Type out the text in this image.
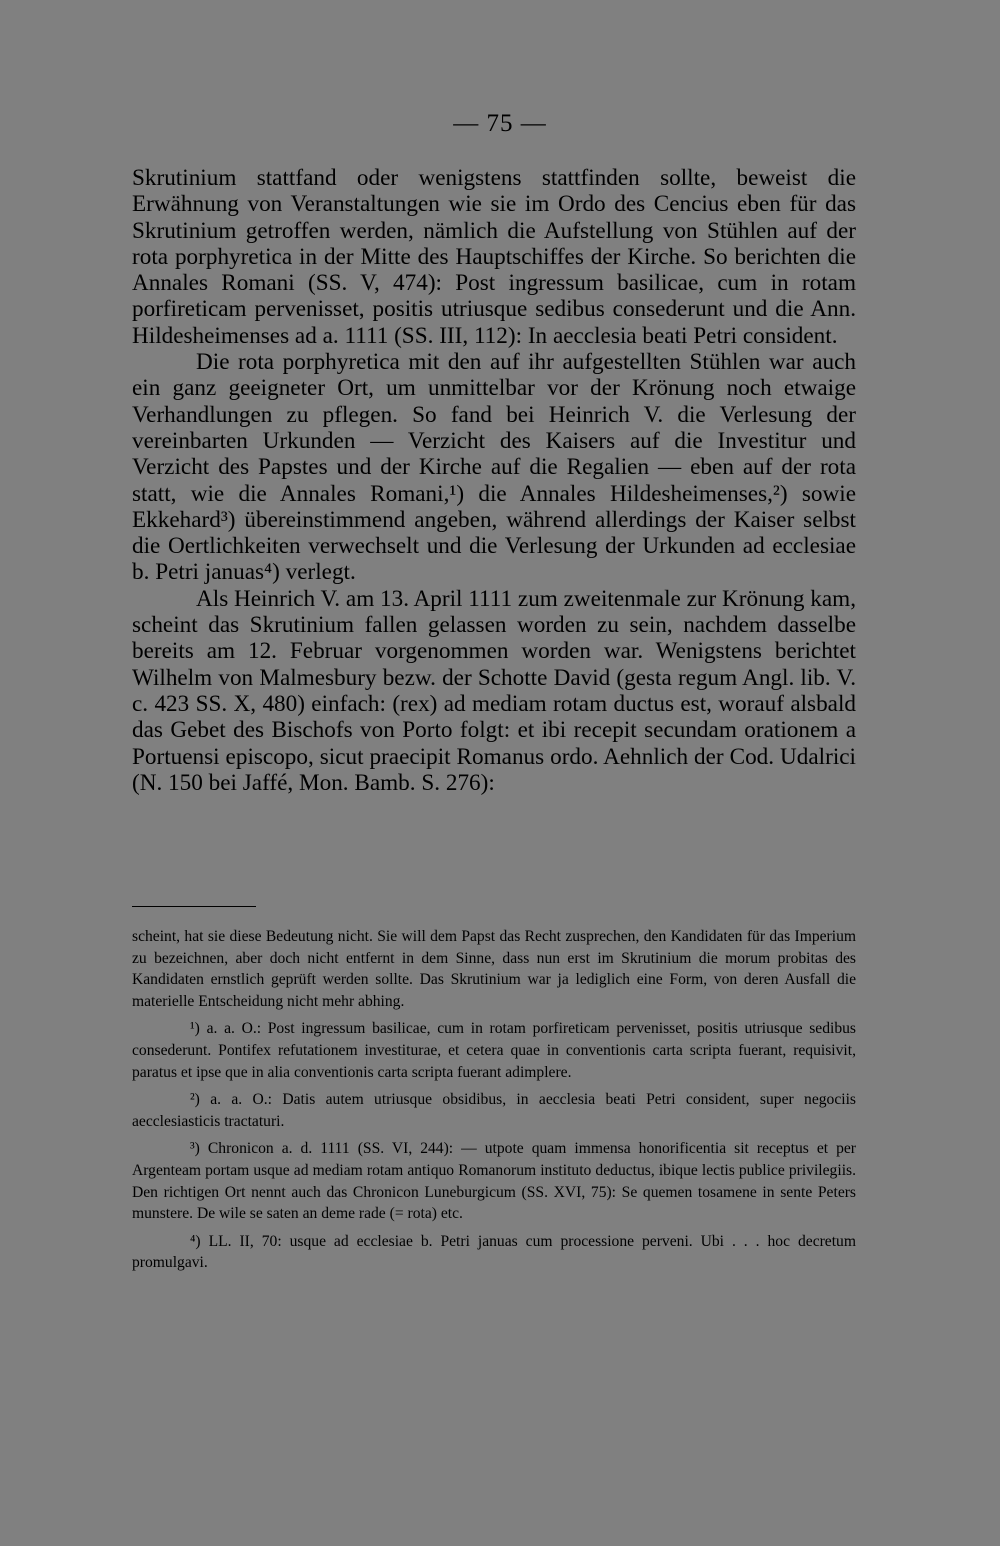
— 75 —

Skrutinium stattfand oder wenigstens stattfinden sollte, beweist die Erwähnung von Veranstaltungen wie sie im Ordo des Cencius eben für das Skrutinium getroffen werden, nämlich die Aufstellung von Stühlen auf der rota porphyretica in der Mitte des Hauptschiffes der Kirche. So berichten die Annales Romani (SS. V, 474): Post ingressum basilicae, cum in rotam porfireticam pervenisset, positis utriusque sedibus consederunt und die Ann. Hildesheimenses ad a. 1111 (SS. III, 112): In aecclesia beati Petri consident.

Die rota porphyretica mit den auf ihr aufgestellten Stühlen war auch ein ganz geeigneter Ort, um unmittelbar vor der Krönung noch etwaige Verhandlungen zu pflegen. So fand bei Heinrich V. die Verlesung der vereinbarten Urkunden — Verzicht des Kaisers auf die Investitur und Verzicht des Papstes und der Kirche auf die Regalien — eben auf der rota statt, wie die Annales Romani,¹) die Annales Hildesheimenses,²) sowie Ekkehard³) übereinstimmend angeben, während allerdings der Kaiser selbst die Oertlichkeiten verwechselt und die Verlesung der Urkunden ad ecclesiae b. Petri januas⁴) verlegt.

Als Heinrich V. am 13. April 1111 zum zweitenmale zur Krönung kam, scheint das Skrutinium fallen gelassen worden zu sein, nachdem dasselbe bereits am 12. Februar vorgenommen worden war. Wenigstens berichtet Wilhelm von Malmesbury bezw. der Schotte David (gesta regum Angl. lib. V. c. 423 SS. X, 480) einfach: (rex) ad mediam rotam ductus est, worauf alsbald das Gebet des Bischofs von Porto folgt: et ibi recepit secundam orationem a Portuensi episcopo, sicut praecipit Romanus ordo. Aehnlich der Cod. Udalrici (N. 150 bei Jaffé, Mon. Bamb. S. 276):

scheint, hat sie diese Bedeutung nicht. Sie will dem Papst das Recht zusprechen, den Kandidaten für das Imperium zu bezeichnen, aber doch nicht entfernt in dem Sinne, dass nun erst im Skrutinium die morum probitas des Kandidaten ernstlich geprüft werden sollte. Das Skrutinium war ja lediglich eine Form, von deren Ausfall die materielle Entscheidung nicht mehr abhing.

¹) a. a. O.: Post ingressum basilicae, cum in rotam porfireticam pervenisset, positis utriusque sedibus consederunt. Pontifex refutationem investiturae, et cetera quae in conventionis carta scripta fuerant, requisivit, paratus et ipse que in alia conventionis carta scripta fuerant adimplere.

²) a. a. O.: Datis autem utriusque obsidibus, in aecclesia beati Petri consident, super negociis aecclesiasticis tractaturi.

³) Chronicon a. d. 1111 (SS. VI, 244): — utpote quam immensa honorificentia sit receptus et per Argenteam portam usque ad mediam rotam antiquo Romanorum instituto deductus, ibique lectis publice privilegiis. Den richtigen Ort nennt auch das Chronicon Luneburgicum (SS. XVI, 75): Se quemen tosamene in sente Peters munstere. De wile se saten an deme rade (= rota) etc.

⁴) LL. II, 70: usque ad ecclesiae b. Petri januas cum processione perveni. Ubi . . . hoc decretum promulgavi.
